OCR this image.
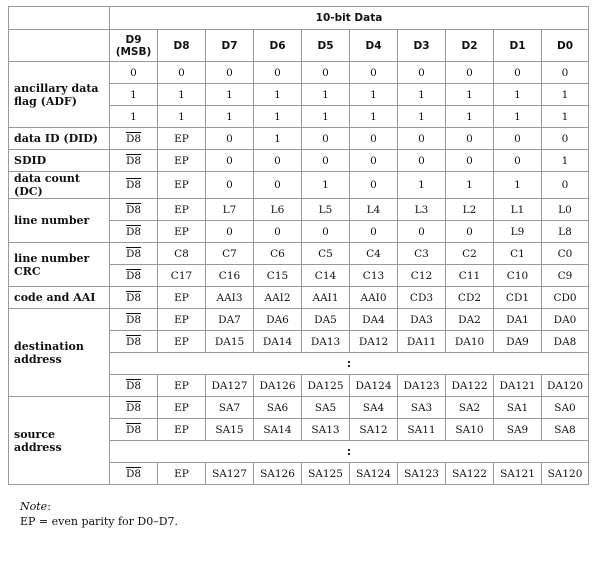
	10-bit Data									
	D9
(MSB)	D8	D7	D6	D5	D4	D3	D2	D1	D0
ancillary data
flag (ADF)	0	0	0	0	0	0	0	0	0	0
	1	1	1	1	1	1	1	1	1	1
	1	1	1	1	1	1	1	1	1	1
data ID (DID)	D8	EP	0	1	0	0	0	0	0	0
SDID	D8	EP	0	0	0	0	0	0	0	1
data count (DC)	D8	EP	0	0	1	0	1	1	1	0
line number	D8	EP	L7	L6	L5	L4	L3	L2	L1	L0
	D8	EP	0	0	0	0	0	0	L9	L8
line number
CRC	D8	C8	C7	C6	C5	C4	C3	C2	C1	C0
	D8	C17	C16	C15	C14	C13	C12	C11	C10	C9
code and AAI	D8	EP	AAI3	AAI2	AAI1	AAI0	CD3	CD2	CD1	CD0
destination
address	D8	EP	DA7	DA6	DA5	DA4	DA3	DA2	DA1	DA0
	D8	EP	DA15	DA14	DA13	DA12	DA11	DA10	DA9	DA8
	:									
	D8	EP	DA127	DA126	DA125	DA124	DA123	DA122	DA121	DA120
source
address	D8	EP	SA7	SA6	SA5	SA4	SA3	SA2	SA1	SA0
	D8	EP	SA15	SA14	SA13	SA12	SA11	SA10	SA9	SA8
	:									
	D8	EP	SA127	SA126	SA125	SA124	SA123	SA122	SA121	SA120
Note:
EP = even parity for D0–D7.
